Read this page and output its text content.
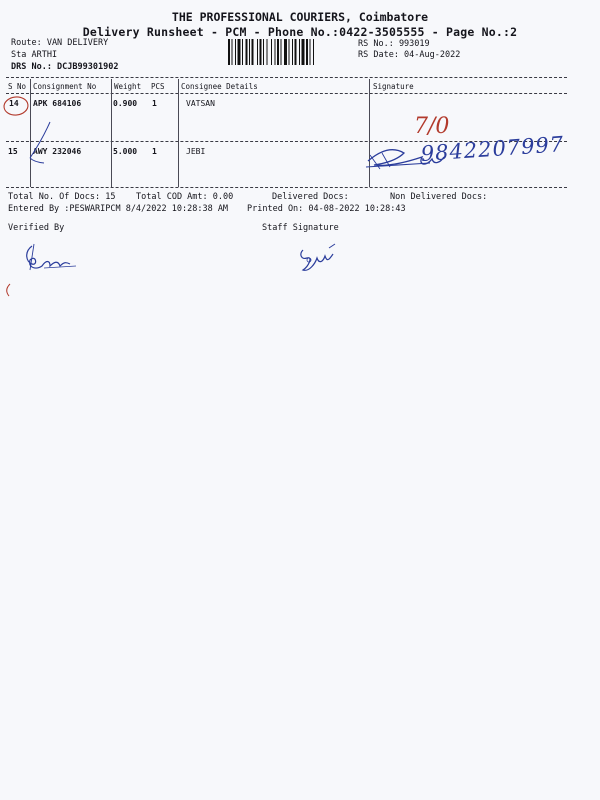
THE PROFESSIONAL COURIERS, Coimbatore
Delivery Runsheet - PCM - Phone No.:0422-3505555 - Page No.:2
Route: VAN DELIVERY
Sta ARTHI
DRS No.: DCJB99301902
RS No.: 993019
RS Date: 04-Aug-2022
S No Consignment No Weight PCS Consignee Details	Signature
14 APK 684106	0.900 1	VATSAN
15 AWY 232046	5.000 1	JEBI
7/0
9842207997
Total No. Of Docs: 15 Total COD Amt: 0.00	Delivered Docs:	Non Delivered Docs:
Entered By :PESWARIPCM 8/4/2022 10:28:38 AM Printed On: 04-08-2022 10:28:43
Verified By	Staff Signature
